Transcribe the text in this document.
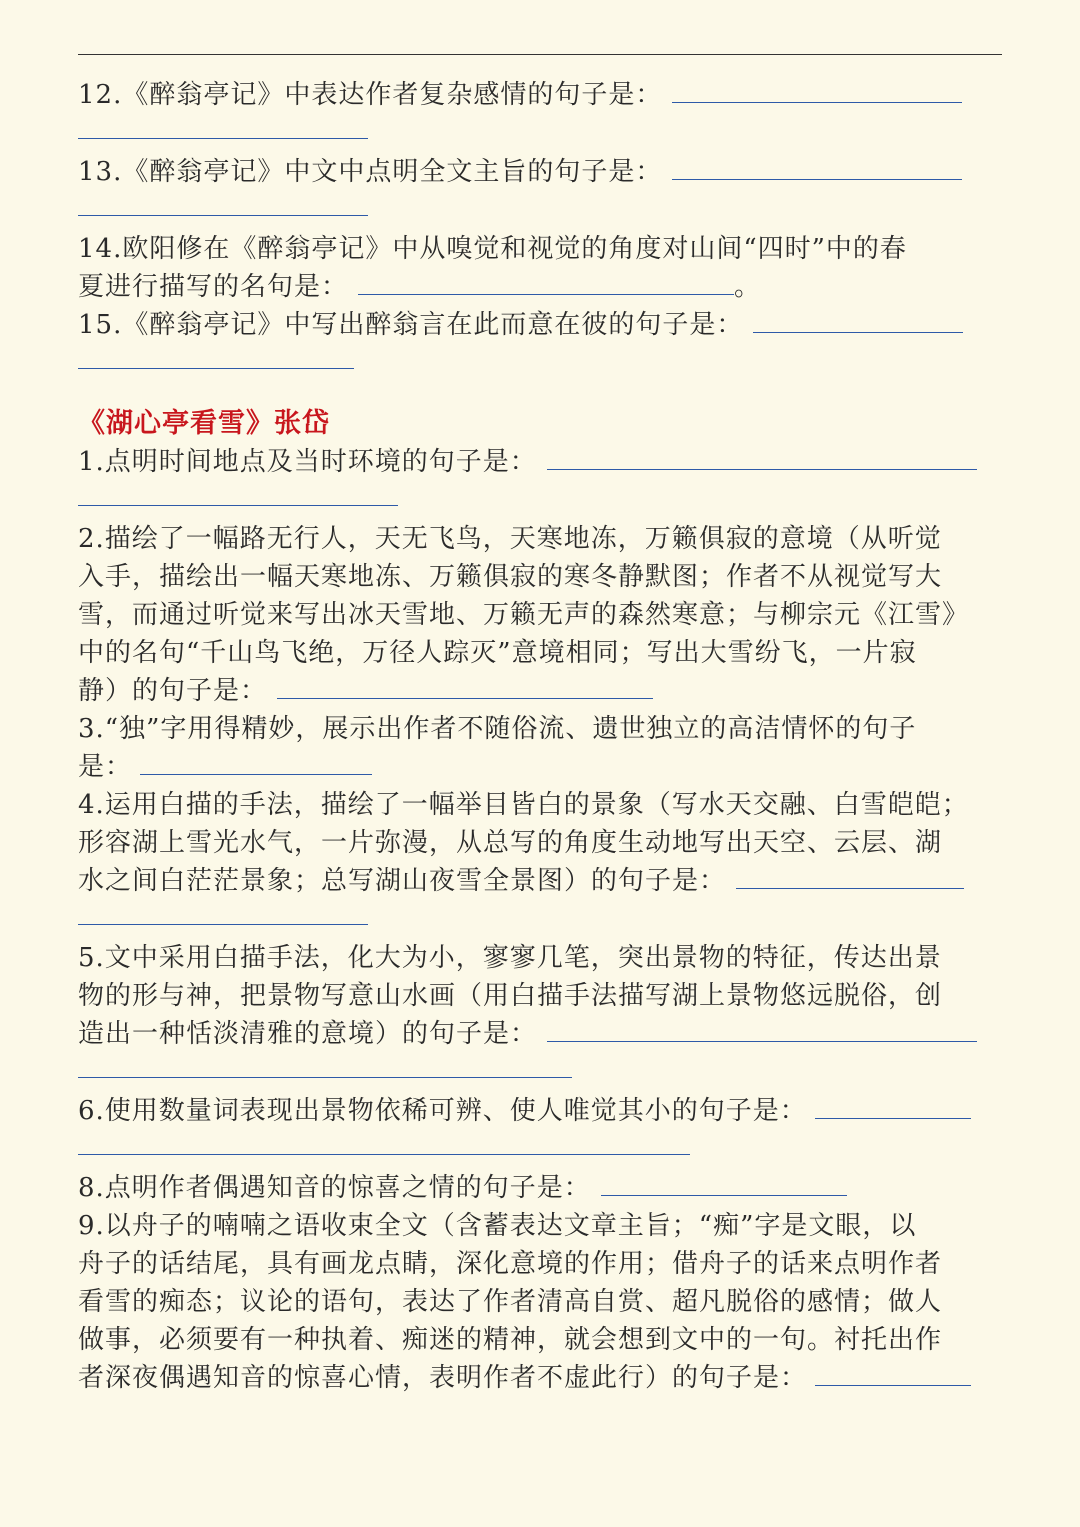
12.《醉翁亭记》中表达作者复杂感情的句子是：

13.《醉翁亭记》中文中点明全文主旨的句子是：

14.欧阳修在《醉翁亭记》中从嗅觉和视觉的角度对山间“四时”中的春
夏进行描写的名句是：	。

15.《醉翁亭记》中写出醉翁言在此而意在彼的句子是：

《湖心亭看雪》张岱

1.点明时间地点及当时环境的句子是：

2.描绘了一幅路无行人，天无飞鸟，天寒地冻，万籁俱寂的意境（从听觉
入手，描绘出一幅天寒地冻、万籁俱寂的寒冬静默图；作者不从视觉写大
雪，而通过听觉来写出冰天雪地、万籁无声的森然寒意；与柳宗元《江雪》
中的名句“千山鸟飞绝，万径人踪灭”意境相同；写出大雪纷飞，一片寂
静）的句子是：

3.“独”字用得精妙，展示出作者不随俗流、遗世独立的高洁情怀的句子
是：

4.运用白描的手法，描绘了一幅举目皆白的景象（写水天交融、白雪皑皑；
形容湖上雪光水气，一片弥漫，从总写的角度生动地写出天空、云层、湖
水之间白茫茫景象；总写湖山夜雪全景图）的句子是：

5.文中采用白描手法，化大为小，寥寥几笔，突出景物的特征，传达出景
物的形与神，把景物写意山水画（用白描手法描写湖上景物悠远脱俗，创
造出一种恬淡清雅的意境）的句子是：

6.使用数量词表现出景物依稀可辨、使人唯觉其小的句子是：

8.点明作者偶遇知音的惊喜之情的句子是：

9.以舟子的喃喃之语收束全文（含蓄表达文章主旨；“痴”字是文眼，以
舟子的话结尾，具有画龙点睛，深化意境的作用；借舟子的话来点明作者
看雪的痴态；议论的语句，表达了作者清高自赏、超凡脱俗的感情；做人
做事，必须要有一种执着、痴迷的精神，就会想到文中的一句。衬托出作
者深夜偶遇知音的惊喜心情，表明作者不虚此行）的句子是：
